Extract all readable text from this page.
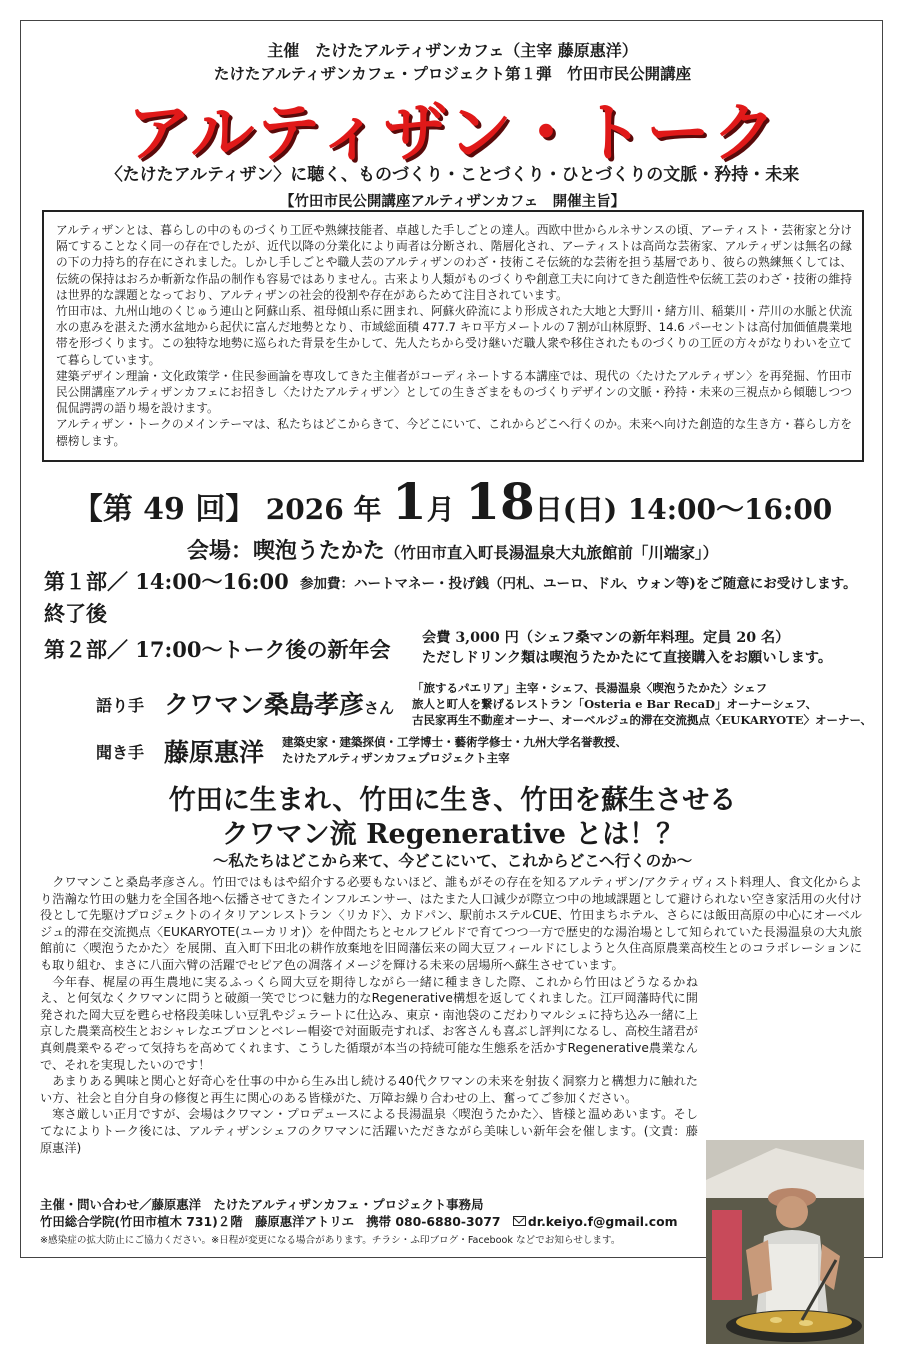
主催　たけたアルティザンカフェ（主宰 藤原惠洋）
たけたアルティザンカフェ・プロジェクト第１弾　竹田市民公開講座
アルティザン・トーク
〈たけたアルティザン〉に聴く、ものづくり・ことづくり・ひとづくりの文脈・矜持・未来
【竹田市民公開講座アルティザンカフェ　開催主旨】

アルティザンとは、暮らしの中のものづくり工匠や熟練技能者、卓越した手しごとの達人。西欧中世からルネサンスの頃、アーティスト・芸術家と分け隔てすることなく同一の存在でしたが、近代以降の分業化により両者は分断され、階層化され、アーティストは高尚な芸術家、アルティザンは無名の縁の下の力持ち的存在にされました。しかし手しごとや職人芸のアルティザンのわざ・技術こそ伝統的な芸術を担う基層であり、彼らの熟練無くしては、伝統の保持はおろか斬新な作品の制作も容易ではありません。古来より人類がものづくりや創意工夫に向けてきた創造性や伝統工芸のわざ・技術の維持は世界的な課題となっており、アルティザンの社会的役割や存在があらためて注目されています。

竹田市は、九州山地のくじゅう連山と阿蘇山系、祖母傾山系に囲まれ、阿蘇火砕流により形成された大地と大野川・緒方川、稲葉川・芹川の水脈と伏流水の恵みを湛えた湧水盆地から起伏に富んだ地勢となり、市域総面積 477.7 キロ平方メートルの７割が山林原野、14.6 パーセントは高付加価値農業地帯を形づくります。この独特な地勢に巡られた背景を生かして、先人たちから受け継いだ職人衆や移住されたものづくりの工匠の方々がなりわいを立てて暮らしています。

建築デザイン理論・文化政策学・住民参画論を専攻してきた主催者がコーディネートする本講座では、現代の〈たけたアルティザン〉を再発掘、竹田市民公開講座アルティザンカフェにお招きし〈たけたアルティザン〉としての生きざまをものづくりデザインの文脈・矜持・未来の三視点から傾聴しつつ侃侃諤諤の語り場を設けます。

アルティザン・トークのメインテーマは、私たちはどこからきて、今どこにいて、これからどこへ行くのか。未来へ向けた創造的な生き方・暮らし方を標榜します。

【第 49 回】 2026 年 1月 18日(日) 14:00〜16:00
会場：喫泡うたかた（竹田市直入町長湯温泉大丸旅館前「川端家」）
第１部／ 14:00〜16:00 参加費：ハートマネー・投げ銭（円札、ユーロ、ドル、ウォン等)をご随意にお受けします。
終了後
第２部／ 17:00〜トーク後の新年会 会費 3,000 円（シェフ桑マンの新年料理。定員 20 名）
ただしドリンク類は喫泡うたかたにて直接購入をお願いします。
語り手 クワマン桑島孝彦さん
「旅するパエリア」主宰・シェフ、長湯温泉〈喫泡うたかた〉シェフ
旅人と町人を繋げるレストラン「Osteria e Bar RecaD」オーナーシェフ、
古民家再生不動産オーナー、オーベルジュ的滞在交流拠点〈EUKARYOTE〉オーナー、
聞き手 藤原惠洋 建築史家・建築探偵・工学博士・藝術学修士・九州大学名誉教授、
たけたアルティザンカフェプロジェクト主宰
竹田に生まれ、竹田に生き、竹田を蘇生させる
クワマン流 Regenerative とは！？
〜私たちはどこから来て、今どこにいて、これからどこへ行くのか〜

クワマンこと桑島孝彦さん。竹田ではもはや紹介する必要もないほど、誰もがその存在を知るアルティザン/アクティヴィスト料理人、食文化からより浩瀚な竹田の魅力を全国各地へ伝播させてきたインフルエンサー、はたまた人口減少が際立つ中の地域課題として避けられない空き家活用の火付け役として先駆けプロジェクトのイタリアンレストラン〈リカド〉、カドパン、駅前ホステルCUE、竹田まちホテル、さらには飯田高原の中心にオーベルジュ的滞在交流拠点〈EUKARYOTE(ユーカリオ)〉を仲間たちとセルフビルドで育てつつ一方で歴史的な湯治場として知られていた長湯温泉の大丸旅館前に〈喫泡うたかた〉を展開、直入町下田北の耕作放棄地を旧岡藩伝来の岡大豆フィールドにしようと久住高原農業高校生とのコラボレーションにも取り組む、まさに八面六臂の活躍でセピア色の凋落イメージを輝ける未来の居場所へ蘇生させています。

今年春、梶屋の再生農地に実るふっくら岡大豆を期待しながら一緒に種まきした際、これから竹田はどうなるかねえ、と何気なくクワマンに問うと破顔一笑でじつに魅力的なRegenerative構想を返してくれました。江戸岡藩時代に開発された岡大豆を甦らせ格段美味しい豆乳やジェラートに仕込み、東京・南池袋のこだわりマルシェに持ち込み一緒に上京した農業高校生とおシャレなエプロンとベレー帽姿で対面販売すれば、お客さんも喜ぶし評判になるし、高校生諸君が真剣農業やるぞって気持ちを高めてくれます、こうした循環が本当の持続可能な生態系を活かすRegenerative農業なんで、それを実現したいのです！

あまりある興味と関心と好奇心を仕事の中から生み出し続ける40代クワマンの未来を射抜く洞察力と構想力に触れたい方、社会と自分自身の修復と再生に関心のある皆様がた、万障お繰り合わせの上、奮ってご参加ください。

寒さ厳しい正月ですが、会場はクワマン・プロデュースによる長湯温泉〈喫泡うたかた〉、皆様と温めあいます。そしてなによりトーク後には、アルティザンシェフのクワマンに活躍いただきながら美味しい新年会を催します。(文責：藤原惠洋)

主催・問い合わせ／藤原惠洋　たけたアルティザンカフェ・プロジェクト事務局
竹田総合学院(竹田市植木 731)２階　藤原惠洋アトリエ　携帯 080-6880-3077　 dr.keiyo.f@gmail.com
※感染症の拡大防止にご協力ください。※日程が変更になる場合があります。チラシ・ふ印ブログ・Facebook などでお知らせします。
